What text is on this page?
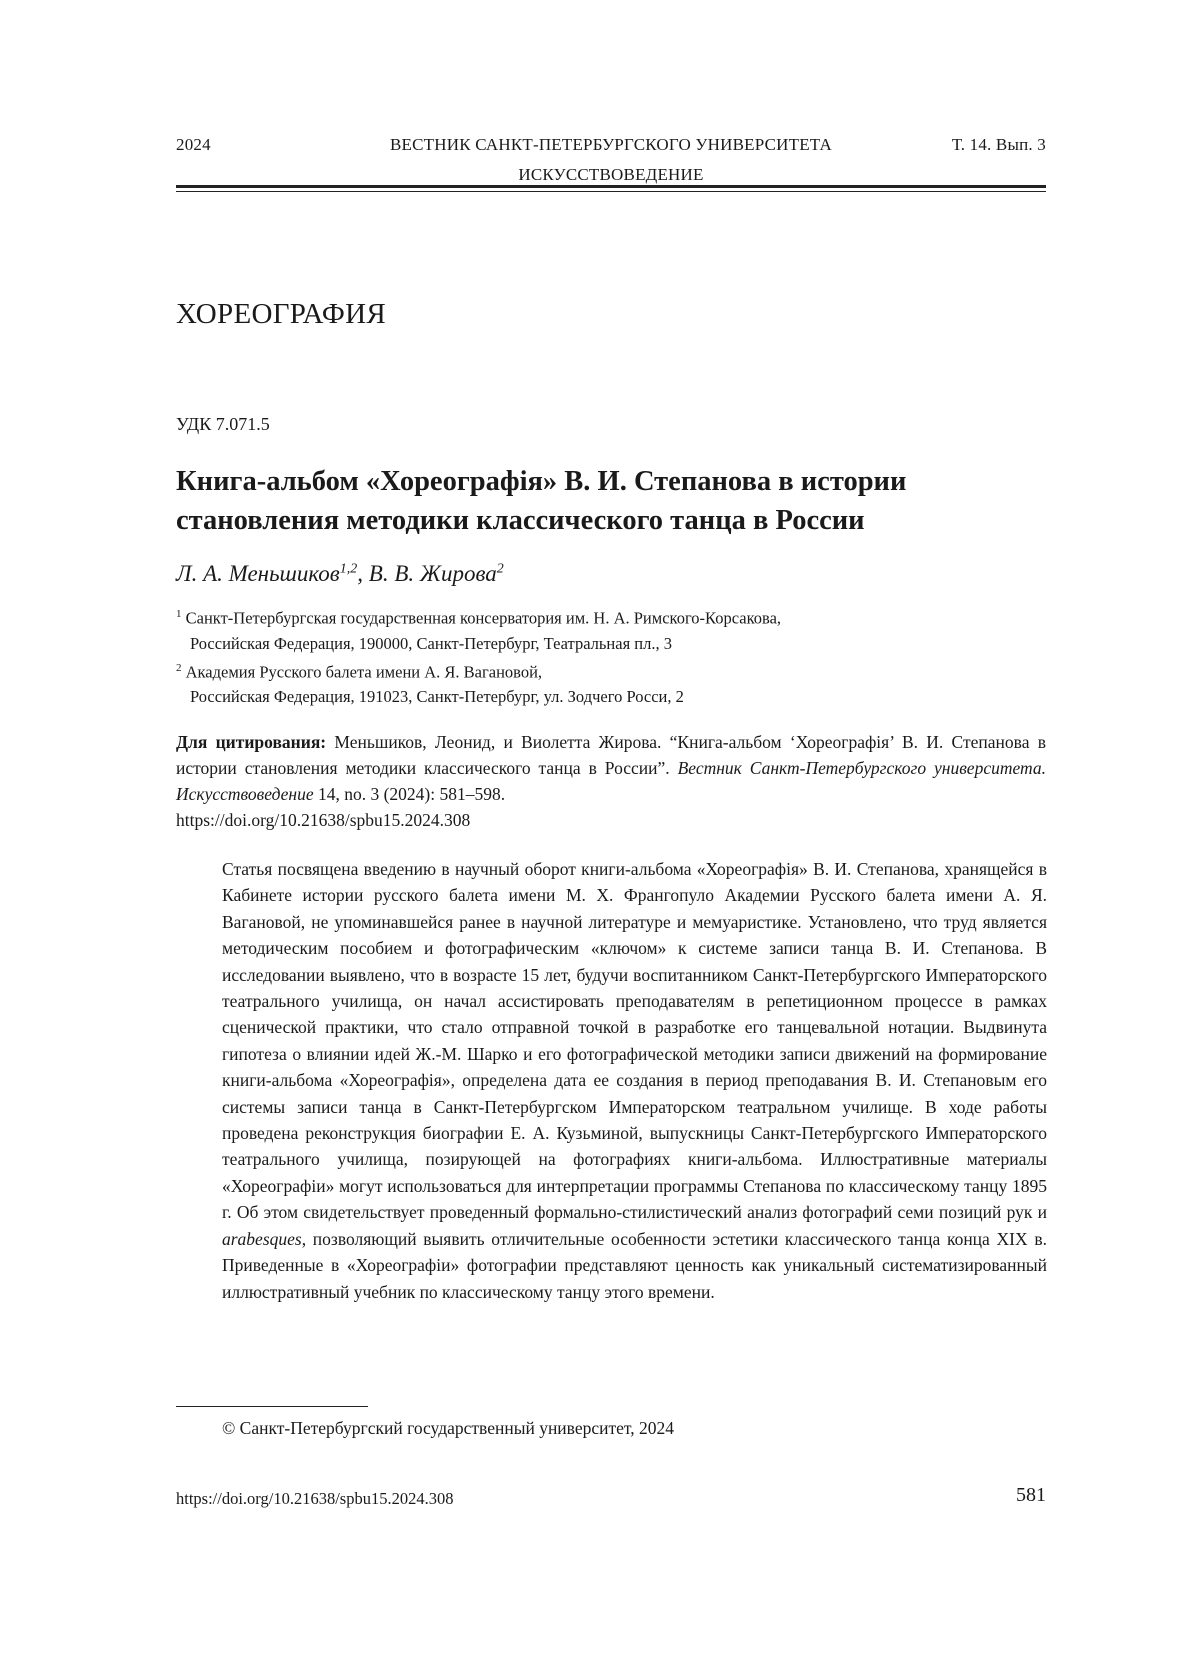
2024	ВЕСТНИК САНКТ-ПЕТЕРБУРГСКОГО УНИВЕРСИТЕТА
ИСКУССТВОВЕДЕНИЕ
Т. 14. Вып. 3
ХОРЕОГРАФИЯ
УДК 7.071.5
Книга-альбом «Хореографія» В. И. Степанова в истории
становления методики классического танца в России
Л. А. Меньшиков$^{1,2}$, В. В. Жирова$^2$
$^1$ Санкт-Петербургская государственная консерватория им. Н. А. Римского-Корсакова,
Российская Федерация, 190000, Санкт-Петербург, Театральная пл., 3
$^2$ Академия Русского балета имени А. Я. Вагановой,
Российская Федерация, 191023, Санкт-Петербург, ул. Зодчего Росси, 2
Для цитирования: Меньшиков, Леонид, и Виолетта Жирова. “Книга-альбом ‘Хореографія’ В. И. Степанова в истории становления методики классического танца в России”. Вестник Санкт-Петербургского университета. Искусствоведение 14, no. 3 (2024): 581–598.
https://doi.org/10.21638/spbu15.2024.308
Статья посвящена введению в научный оборот книги-альбома «Хореографія» В. И. Степанова, хранящейся в Кабинете истории русского балета имени М. Х. Франгопуло Академии Русского балета имени А. Я. Вагановой, не упоминавшейся ранее в научной литературе и мемуаристике. Установлено, что труд является методическим пособием и фотографическим «ключом» к системе записи танца В. И. Степанова. В исследовании выявлено, что в возрасте 15 лет, будучи воспитанником Санкт-Петербургского Императорского театрального училища, он начал ассистировать преподавателям в репетиционном процессе в рамках сценической практики, что стало отправной точкой в разработке его танцевальной нотации. Выдвинута гипотеза о влиянии идей Ж.-М. Шарко и его фотографической методики записи движений на формирование книги-альбома «Хореографія», определена дата ее создания в период преподавания В. И. Степановым его системы записи танца в Санкт-Петербургском Императорском театральном училище. В ходе работы проведена реконструкция биографии Е. А. Кузьминой, выпускницы Санкт-Петербургского Императорского театрального училища, позирующей на фотографиях книги-альбома. Иллюстративные материалы «Хореографіи» могут использоваться для интерпретации программы Степанова по классическому танцу 1895 г. Об этом свидетельствует проведенный формально-стилистический анализ фотографий семи позиций рук и arabesques, позволяющий выявить отличительные особенности эстетики классического танца конца XIX в. Приведенные в «Хореографіи» фотографии представляют ценность как уникальный систематизированный иллюстративный учебник по классическому танцу этого времени.
© Санкт-Петербургский государственный университет, 2024
https://doi.org/10.21638/spbu15.2024.308	581
